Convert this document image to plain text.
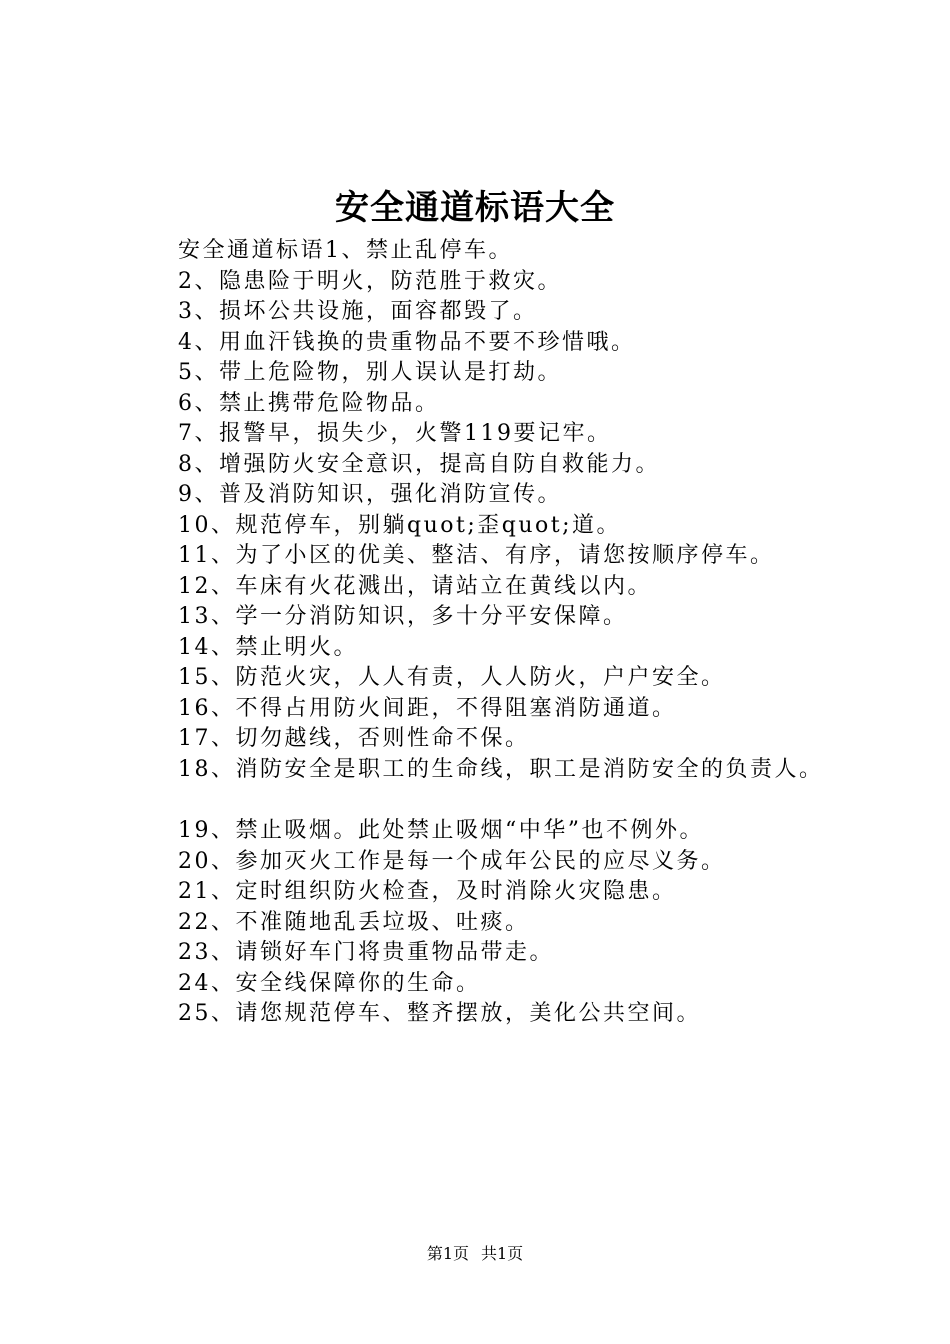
安全通道标语大全
安全通道标语1、禁止乱停车。
2、隐患险于明火，防范胜于救灾。
3、损坏公共设施，面容都毁了。
4、用血汗钱换的贵重物品不要不珍惜哦。
5、带上危险物，别人误认是打劫。
6、禁止携带危险物品。
7、报警早，损失少，火警119要记牢。
8、增强防火安全意识，提高自防自救能力。
9、普及消防知识，强化消防宣传。
10、规范停车，别躺quot;歪quot;道。
11、为了小区的优美、整洁、有序，请您按顺序停车。
12、车床有火花溅出，请站立在黄线以内。
13、学一分消防知识，多十分平安保障。
14、禁止明火。
15、防范火灾，人人有责，人人防火，户户安全。
16、不得占用防火间距，不得阻塞消防通道。
17、切勿越线，否则性命不保。
18、消防安全是职工的生命线，职工是消防安全的负责人。
19、禁止吸烟。此处禁止吸烟“中华”也不例外。
20、参加灭火工作是每一个成年公民的应尽义务。
21、定时组织防火检查，及时消除火灾隐患。
22、不准随地乱丢垃圾、吐痰。
23、请锁好车门将贵重物品带走。
24、安全线保障你的生命。
25、请您规范停车、整齐摆放，美化公共空间。
第1页 共1页
